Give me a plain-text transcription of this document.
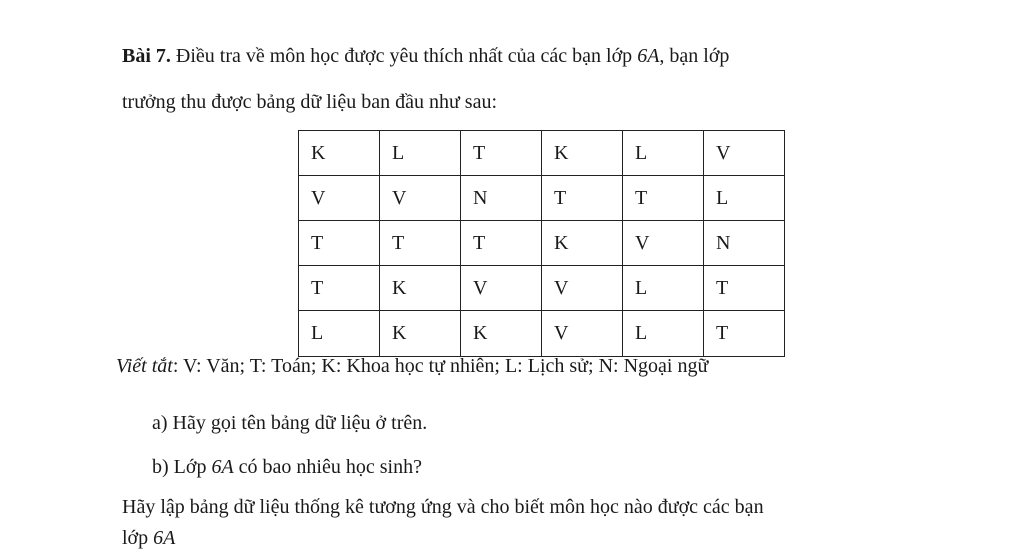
Bài 7. Điều tra về môn học được yêu thích nhất của các bạn lớp 6A, bạn lớp
trưởng thu được bảng dữ liệu ban đầu như sau:
K	L	T	K	L	V
V	V	N	T	T	L
T	T	T	K	V	N
T	K	V	V	L	T
L	K	K	V	L	T
Viết tắt: V: Văn; T: Toán; K: Khoa học tự nhiên; L: Lịch sử; N: Ngoại ngữ
a) Hãy gọi tên bảng dữ liệu ở trên.
b) Lớp 6A có bao nhiêu học sinh?
Hãy lập bảng dữ liệu thống kê tương ứng và cho biết môn học nào được các bạn
lớp 6A
